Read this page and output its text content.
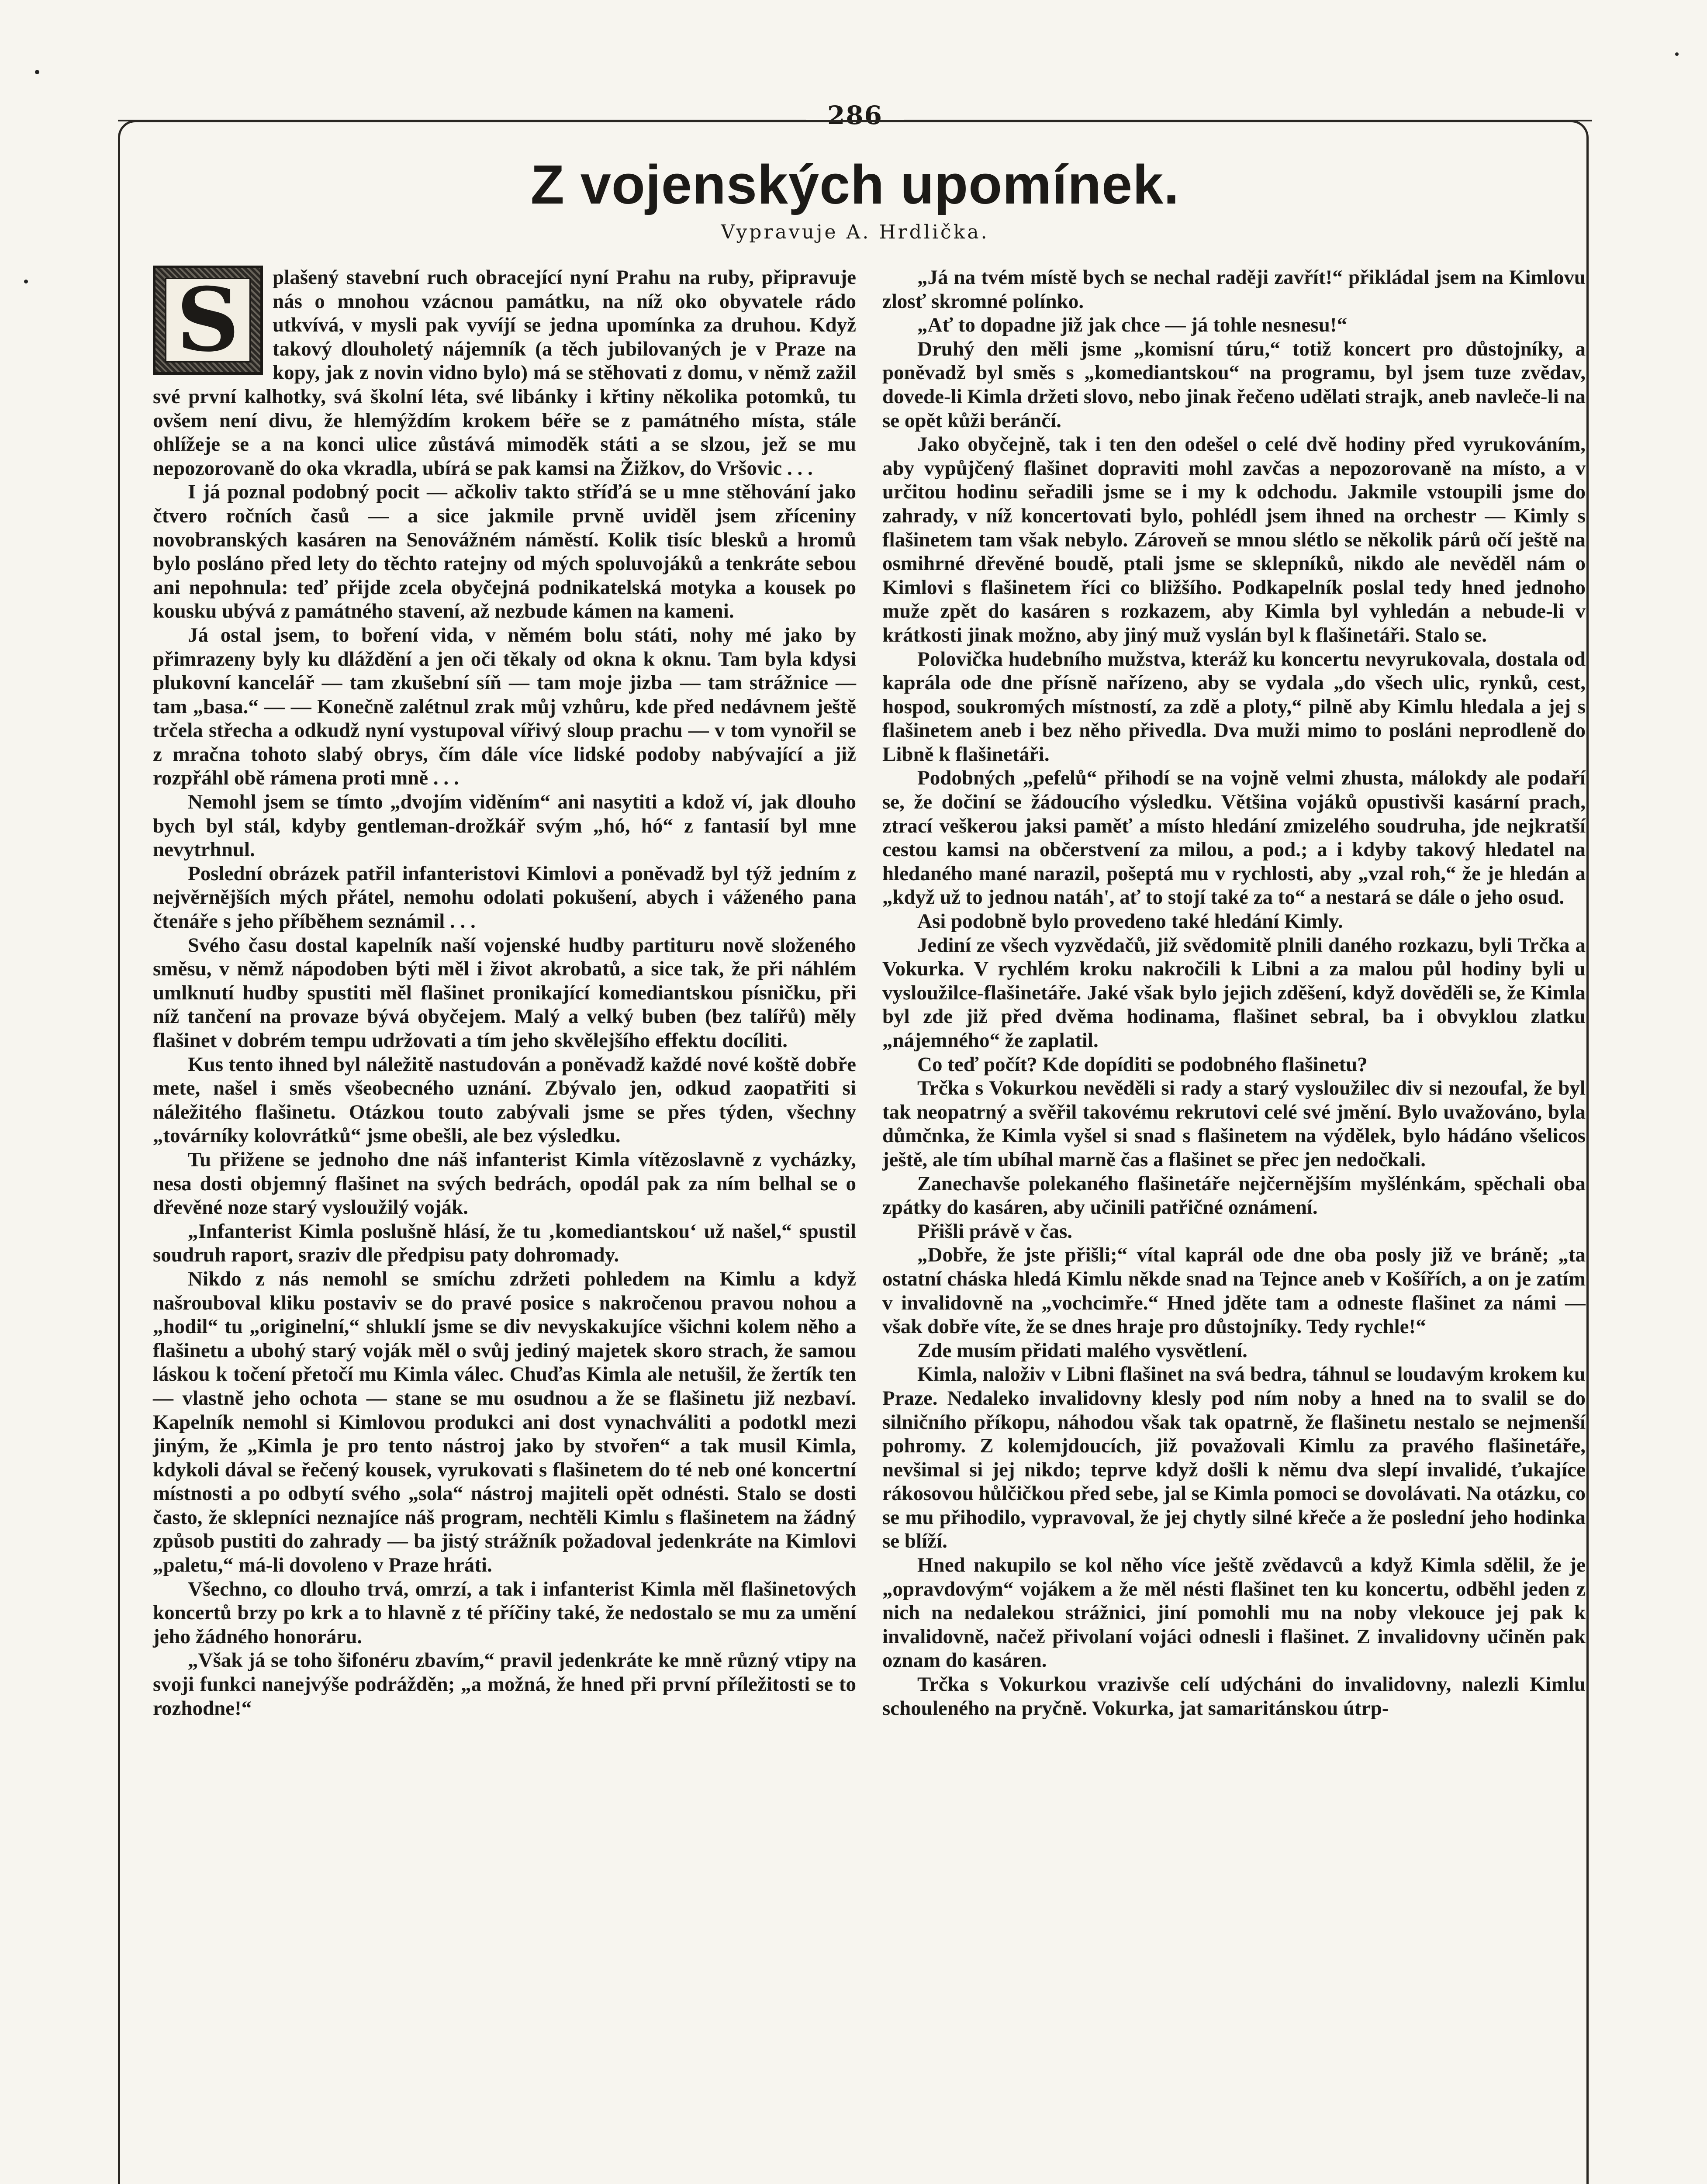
286
Z vojenských upomínek.
Vypravuje A. Hrdlička.
S	plašený stavební ruch obracející nyní Prahu na ruby, připravuje nás o mnohou vzácnou památku, na níž oko obyvatele rádo utkvívá, v mysli pak vyvíjí se jedna upomínka za druhou. Když takový dlouholetý nájemník (a těch jubilovaných je v Praze na kopy, jak z novin vidno bylo) má se stěhovati z domu, v němž zažil své první kalhotky, svá školní léta, své libánky i křtiny několika potomků, tu ovšem není divu, že hlemýždím krokem béře se z památného místa, stále ohlížeje se a na konci ulice zůstává mimoděk státi a se slzou, jež se mu nepozorovaně do oka vkradla, ubírá se pak kamsi na Žižkov, do Vršovic . . .

I já poznal podobný pocit — ačkoliv takto stříďá se u mne stěhování jako čtvero ročních časů — a sice jakmile prvně uviděl jsem zříceniny novobranských kasáren na Senovážném náměstí. Kolik tisíc blesků a hromů bylo posláno před lety do těchto ratejny od mých spoluvojáků a tenkráte sebou ani nepohnula: teď přijde zcela obyčejná podnikatelská motyka a kousek po kousku ubývá z památného stavení, až nezbude kámen na kameni.

Já ostal jsem, to boření vida, v němém bolu státi, nohy mé jako by přimrazeny byly ku dláždění a jen oči těkaly od okna k oknu. Tam byla kdysi plukovní kancelář — tam zkušební síň — tam moje jizba — tam strážnice — tam „basa.“ — — Konečně zalétnul zrak můj vzhůru, kde před nedávnem ještě trčela střecha a odkudž nyní vystupoval vířivý sloup prachu — v tom vynořil se z mračna tohoto slabý obrys, čím dále více lidské podoby nabývající a již rozpřáhl obě rámena proti mně . . .

Nemohl jsem se tímto „dvojím viděním“ ani nasytiti a kdož ví, jak dlouho bych byl stál, kdyby gentleman-drožkář svým „hó, hó“ z fantasií byl mne nevytrhnul.

Poslední obrázek patřil infanteristovi Kimlovi a poněvadž byl týž jedním z nejvěrnějších mých přátel, nemohu odolati pokušení, abych i váženého pana čtenáře s jeho příběhem seznámil . . .

Svého času dostal kapelník naší vojenské hudby partituru nově složeného směsu, v němž nápodoben býti měl i život akrobatů, a sice tak, že při náhlém umlknutí hudby spustiti měl flašinet pronikající komediantskou písničku, při níž tančení na provaze bývá obyčejem. Malý a velký buben (bez talířů) měly flašinet v dobrém tempu udržovati a tím jeho skvělejšího effektu docíliti.

Kus tento ihned byl náležitě nastudován a poněvadž každé nové koště dobře mete, našel i směs všeobecného uznání. Zbývalo jen, odkud zaopatřiti si náležitého flašinetu. Otázkou touto zabývali jsme se přes týden, všechny „továrníky kolovrátků“ jsme obešli, ale bez výsledku.

Tu přiženе se jednoho dne náš infanterist Kimla vítězoslavně z vycházky, nesa dosti objemný flašinet na svých bedrách, opodál pak za ním belhal se o dřevěné noze starý vysloužilý voják.

„Infanterist Kimla poslušně hlásí, že tu ‚komediantskou‘ už našel,“ spustil soudruh raport, sraziv dle předpisu paty dohromady.

Nikdo z nás nemohl se smíchu zdržeti pohledem na Kimlu a když našrouboval kliku postaviv se do pravé posice s nakročenou pravou nohou a „hodil“ tu „originelní,“ shluklí jsme se div nevyskakujíce všichni kolem něho a flašinetu a ubohý starý voják měl o svůj jediný majetek skoro strach, že samou láskou k točení přetočí mu Kimla válec. Chuďas Kimla ale netušil, že žertík ten — vlastně jeho ochota — stane se mu osudnou a že se flašinetu již nezbaví. Kapelník nemohl si Kimlovou produkci ani dost vynachváliti a podotkl mezi jiným, že „Kimla je pro tento nástroj jako by stvořen“ a tak musil Kimla, kdykoli dával se řečený kousek, vyrukovati s flašinetem do té neb oné koncertní místnosti a po odbytí svého „sola“ nástroj majiteli opět odnésti. Stalo se dosti často, že sklepníci neznajíce náš program, nechtěli Kimlu s flašinetem na žádný způsob pustiti do zahrady — ba jistý strážník požadoval jedenkráte na Kimlovi „paletu,“ má-li dovoleno v Praze hráti.

Všechno, co dlouho trvá, omrzí, a tak i infanterist Kimla měl flašinetových koncertů brzy po krk a to hlavně z té příčiny také, že nedostalo se mu za umění jeho žádného honoráru.

„Však já se toho šifonéru zbavím,“ pravil jedenkráte ke mně různý vtipy na svoji funkci nanejvýše podrážděn; „a možná, že hned při první příležitosti se to rozhodne!“

„Já na tvém místě bych se nechal raději zavřít!“ přikládal jsem na Kimlovu zlosť skromné polínko.

„Ať to dopadne již jak chce — já tohle nesnesu!“

Druhý den měli jsme „komisní túru,“ totiž koncert pro důstojníky, a poněvadž byl směs s „komediantskou“ na programu, byl jsem tuze zvědav, dovede-li Kimla držeti slovo, nebo jinak řečeno udělati strajk, aneb navleče-li na se opět kůži beránčí.

Jako obyčejně, tak i ten den odešel o celé dvě hodiny před vyrukováním, aby vypůjčený flašinet dopraviti mohl zavčas a nepozorovaně na místo, a v určitou hodinu seřadili jsme se i my k odchodu. Jakmile vstoupili jsme do zahrady, v níž koncertovati bylo, pohlédl jsem ihned na orchestr — Kimly s flašinetem tam však nebylo. Zároveň se mnou slétlo se několik párů očí ještě na osmihrné dřevěné boudě, ptali jsme se sklepníků, nikdo ale nevěděl nám o Kimlovi s flašinetem říci co bližšího. Podkapelník poslal tedy hned jednoho muže zpět do kasáren s rozkazem, aby Kimla byl vyhledán a nebude-li v krátkosti jinak možno, aby jiný muž vyslán byl k flašinetáři. Stalo se.

Polovička hudebního mužstva, kteráž ku koncertu nevyrukovala, dostala od kaprála ode dne přísně nařízeno, aby se vydala „do všech ulic, rynků, cest, hospod, soukromých místností, za zdě a ploty,“ pilně aby Kimlu hledala a jej s flašinetem aneb i bez něho přivedla. Dva muži mimo to posláni neprodleně do Libně k flašinetáři.

Podobných „pefelů“ přihodí se na vojně velmi zhusta, málokdy ale podaří se, že dočiní se žádoucího výsledku. Většina vojáků opustivši kasární prach, ztrací veškerou jaksi paměť a místo hledání zmizelého soudruha, jde nejkratší cestou kamsi na občerstvení za milou, a pod.; a i kdyby takový hledatel na hledaného mané narazil, pošeptá mu v rychlosti, aby „vzal roh,“ že je hledán a „když už to jednou natáh', ať to stojí také za to“ a nestará se dále o jeho osud.

Asi podobně bylo provedeno také hledání Kimly.

Jediní ze všech vyzvědačů, již svědomitě plnili daného rozkazu, byli Trčka a Vokurka. V rychlém kroku nakročili k Libni a za malou půl hodiny byli u vysloužilce-flašinetáře. Jaké však bylo jejich zděšení, když dověděli se, že Kimla byl zde již před dvěma hodinama, flašinet sebral, ba i obvyklou zlatku „nájemného“ že zaplatil.

Co teď počít? Kde dopíditi se podobného flašinetu?

Trčka s Vokurkou nevěděli si rady a starý vysloužilec div si nezoufal, že byl tak neopatrný a svěřil takovému rekrutovi celé své jmění. Bylo uvažováno, byla důmčnka, že Kimla vyšel si snad s flašinetem na výdělek, bylo hádáno všelicos ještě, ale tím ubíhal marně čas a flašinet se přec jen nedočkali.

Zanechavše polekaného flašinetáře nejčernějším myšlénkám, spěchali oba zpátky do kasáren, aby učinili patřičné oznámení.

Přišli právě v čas.

„Dobře, že jste přišli;“ vítal kaprál ode dne oba posly již ve bráně; „ta ostatní cháska hledá Kimlu někde snad na Tejnce aneb v Košířích, a on je zatím v invalidovně na „vochcimře.“ Hned jděte tam a odneste flašinet za námi — však dobře víte, že se dnes hraje pro důstojníky. Tedy rychle!“

Zde musím přidati malého vysvětlení.

Kimla, naloživ v Libni flašinet na svá bedra, táhnul se loudavým krokem ku Praze. Nedaleko invalidovny klesly pod ním noby a hned na to svalil se do silničního příkopu, náhodou však tak opatrně, že flašinetu nestalo se nejmenší pohromy. Z kolemjdoucích, již považovali Kimlu za pravého flašinetáře, nevšimal si jej nikdo; teprve když došli k němu dva slepí invalidé, ťukajíce rákosovou hůlčičkou před sebe, jal se Kimla pomoci se dovolávati. Na otázku, co se mu přihodilo, vypravoval, že jej chytly silné křeče a že poslední jeho hodinka se blíží.

Hned nakupilo se kol něho více ještě zvědavců a když Kimla sdělil, že je „opravdovým“ vojákem a že měl nésti flašinet ten ku koncertu, odběhl jeden z nich na nedalekou strážnici, jiní pomohli mu na noby vlekouce jej pak k invalidovně, načež přivolaní vojáci odnesli i flašinet. Z invalidovny učiněn pak oznam do kasáren.

Trčka s Vokurkou vrazivše celí udýcháni do invalidovny, nalezli Kimlu schouleného na pryčně. Vokurka, jat samaritánskou útrp-
